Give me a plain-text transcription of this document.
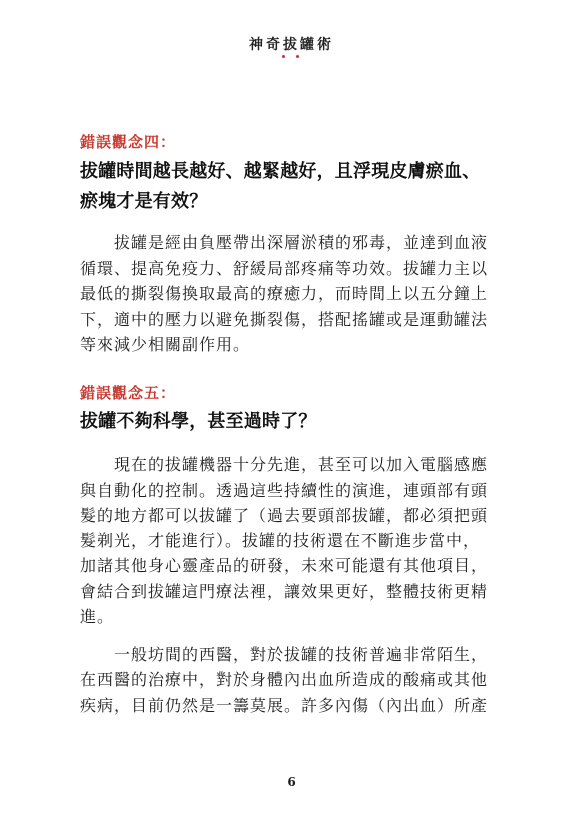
神奇拔罐術
錯誤觀念四：
拔罐時間越長越好、越緊越好，且浮現皮膚瘀血、
瘀塊才是有效？
拔罐是經由負壓帶出深層淤積的邪毒，並達到血液
循環、提高免疫力、舒緩局部疼痛等功效。拔罐力主以
最低的撕裂傷換取最高的療癒力，而時間上以五分鐘上
下，適中的壓力以避免撕裂傷，搭配搖罐或是運動罐法
等來減少相關副作用。
錯誤觀念五：
拔罐不夠科學，甚至過時了？
現在的拔罐機器十分先進，甚至可以加入電腦感應
與自動化的控制。透過這些持續性的演進，連頭部有頭
髮的地方都可以拔罐了（過去要頭部拔罐，都必須把頭
髮剃光，才能進行）。拔罐的技術還在不斷進步當中，
加諸其他身心靈產品的研發，未來可能還有其他項目，
會結合到拔罐這門療法裡，讓效果更好，整體技術更精
進。
一般坊間的西醫，對於拔罐的技術普遍非常陌生，
在西醫的治療中，對於身體內出血所造成的酸痛或其他
疾病，目前仍然是一籌莫展。許多內傷（內出血）所產
6
